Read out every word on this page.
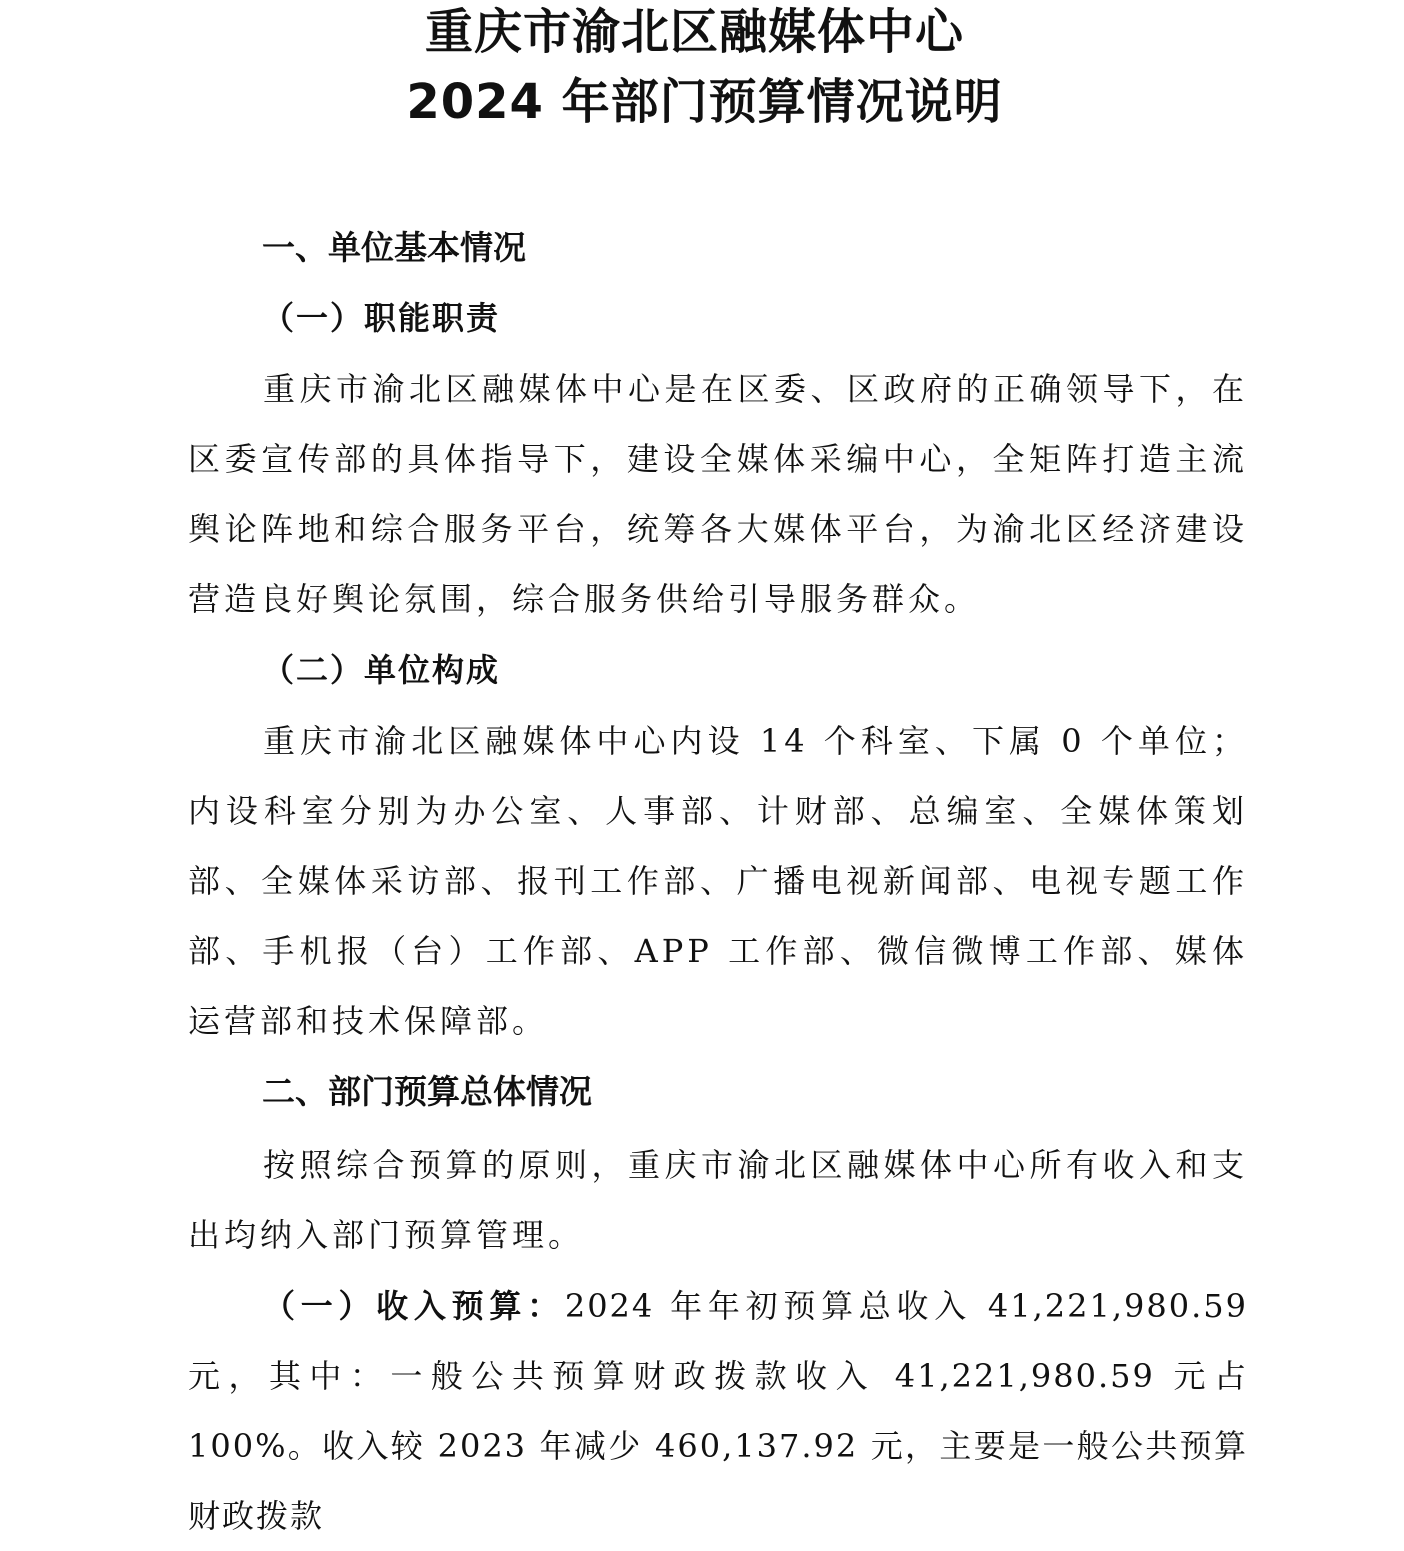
重庆市渝北区融媒体中心
2024 年部门预算情况说明
一、单位基本情况
（一）职能职责

重庆市渝北区融媒体中心是在区委、区政府的正确领导下，在区委宣传部的具体指导下，建设全媒体采编中心，全矩阵打造主流舆论阵地和综合服务平台，统筹各大媒体平台，为渝北区经济建设营造良好舆论氛围，综合服务供给引导服务群众。

（二）单位构成

重庆市渝北区融媒体中心内设 14 个科室、下属 0 个单位；内设科室分别为办公室、人事部、计财部、总编室、全媒体策划部、全媒体采访部、报刊工作部、广播电视新闻部、电视专题工作部、手机报（台）工作部、APP 工作部、微信微博工作部、媒体运营部和技术保障部。

二、部门预算总体情况

按照综合预算的原则，重庆市渝北区融媒体中心所有收入和支出均纳入部门预算管理。

（一）收入预算：2024 年年初预算总收入 41,221,980.59 元，其中：一般公共预算财政拨款收入 41,221,980.59 元占 100%。收入较 2023 年减少 460,137.92 元，主要是一般公共预算财政拨款
